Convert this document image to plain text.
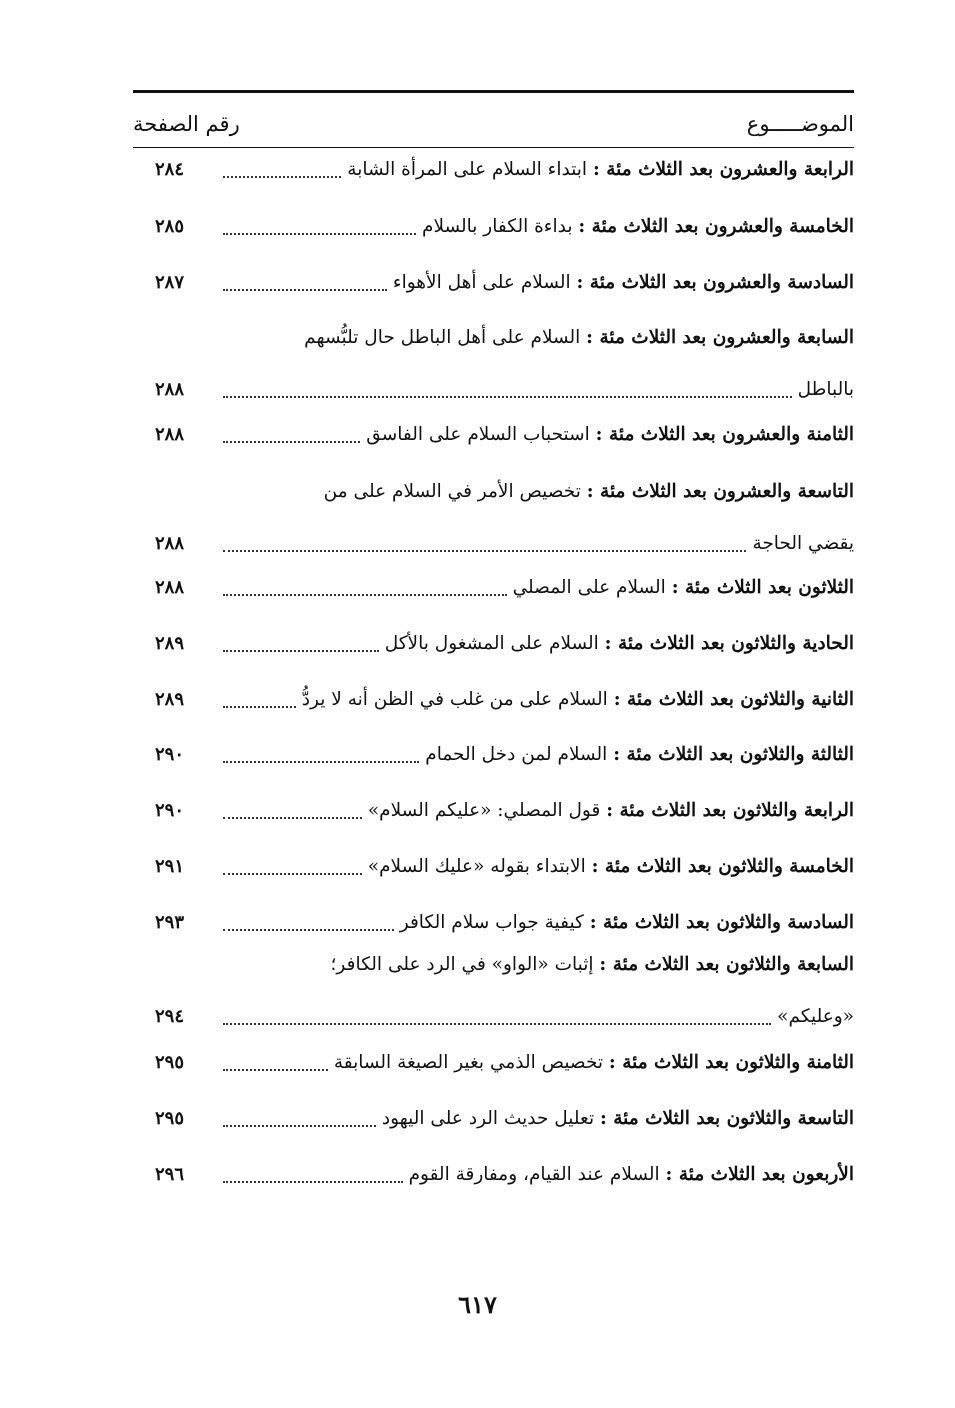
الموضـــــوع
رقم الصفحة
الرابعة والعشرون بعد الثلاث مئة : ابتداء السلام على المرأة الشابة
٢٨٤
الخامسة والعشرون بعد الثلاث مئة : بداءة الكفار بالسلام
٢٨٥
السادسة والعشرون بعد الثلاث مئة : السلام على أهل الأهواء
٢٨٧
السابعة والعشرون بعد الثلاث مئة : السلام على أهل الباطل حال تلبُّسهم
بالباطل
٢٨٨
الثامنة والعشرون بعد الثلاث مئة : استحباب السلام على الفاسق
٢٨٨
التاسعة والعشرون بعد الثلاث مئة : تخصيص الأمر في السلام على من
يقضي الحاجة
٢٨٨
الثلاثون بعد الثلاث مئة : السلام على المصلي
٢٨٨
الحادية والثلاثون بعد الثلاث مئة : السلام على المشغول بالأكل
٢٨٩
الثانية والثلاثون بعد الثلاث مئة : السلام على من غلب في الظن أنه لا يردُّ
٢٨٩
الثالثة والثلاثون بعد الثلاث مئة : السلام لمن دخل الحمام
٢٩٠
الرابعة والثلاثون بعد الثلاث مئة : قول المصلي: «عليكم السلام»
٢٩٠
الخامسة والثلاثون بعد الثلاث مئة : الابتداء بقوله «عليك السلام»
٢٩١
السادسة والثلاثون بعد الثلاث مئة : كيفية جواب سلام الكافر
٢٩٣
السابعة والثلاثون بعد الثلاث مئة : إثبات «الواو» في الرد على الكافر؛
«وعليكم»
٢٩٤
الثامنة والثلاثون بعد الثلاث مئة : تخصيص الذمي بغير الصيغة السابقة
٢٩٥
التاسعة والثلاثون بعد الثلاث مئة : تعليل حديث الرد على اليهود
٢٩٥
الأربعون بعد الثلاث مئة : السلام عند القيام، ومفارقة القوم
٢٩٦
٦١٧
